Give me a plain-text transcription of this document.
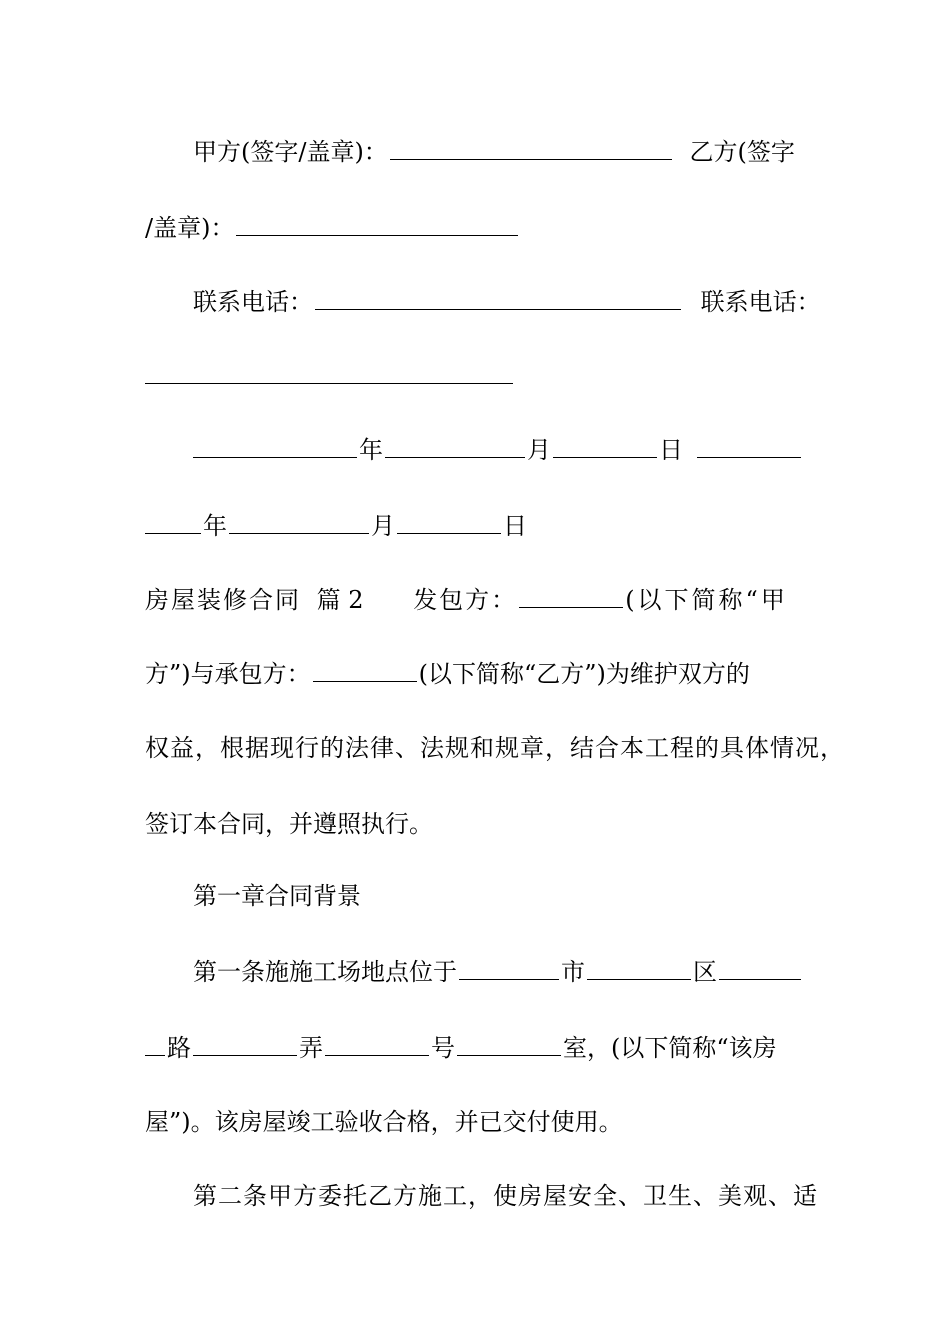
甲方(签字/盖章)：	乙方(签字
/盖章)：
联系电话：	联系电话：
年	月	日
年	月	日
房屋装修合同 篇 2 发包方：	(以下简称“甲
方”)与承包方：	(以下简称“乙方”)为维护双方的
权益，根据现行的法律、法规和规章，结合本工程的具体情况，
签订本合同，并遵照执行。
第一章合同背景
第一条施施工场地点位于	市	区
路	弄	号	室，(以下简称“该房
屋”)。该房屋竣工验收合格，并已交付使用。
第二条甲方委托乙方施工，使房屋安全、卫生、美观、适
